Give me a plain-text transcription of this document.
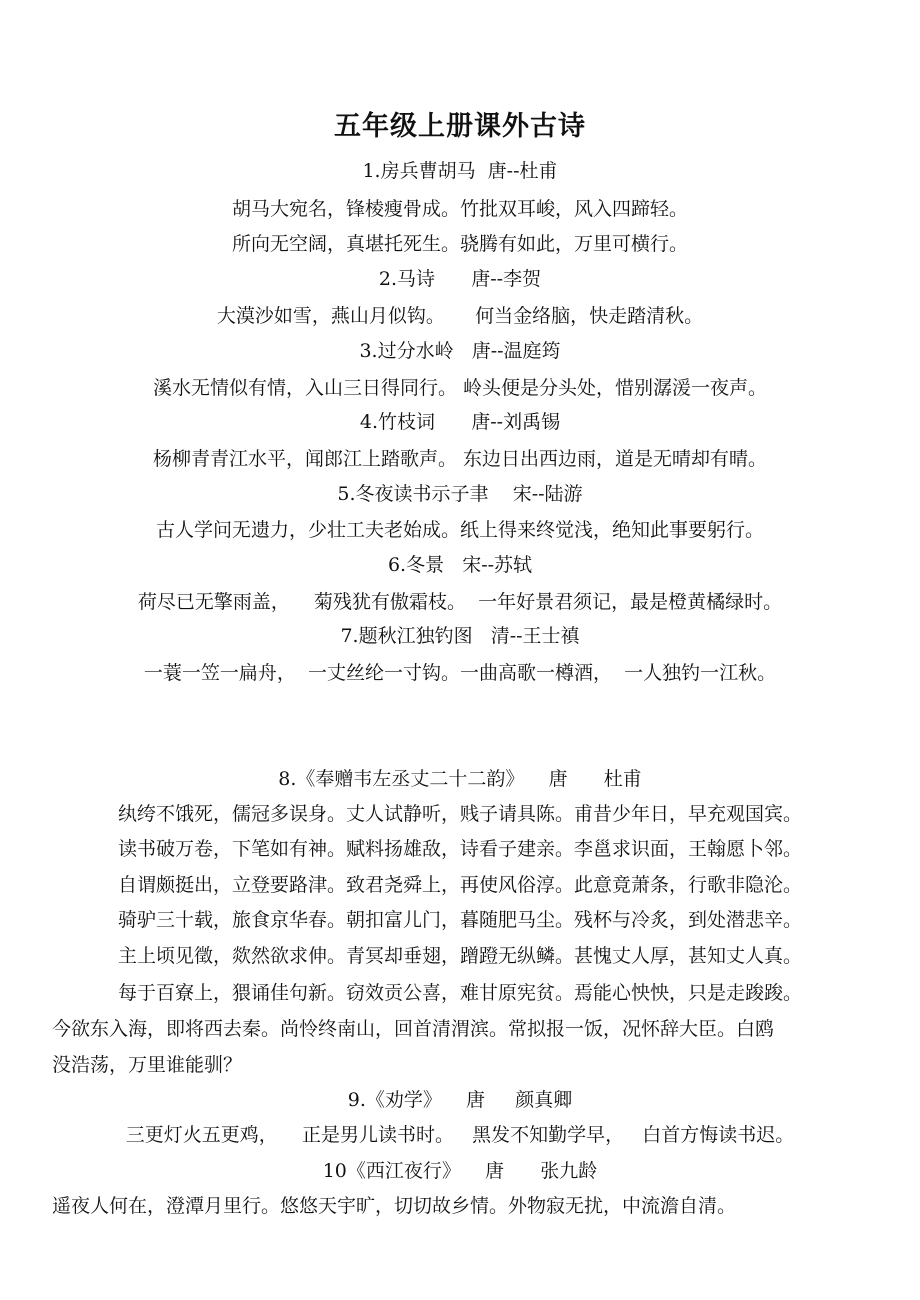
五年级上册课外古诗
1.房兵曹胡马  唐--杜甫
胡马大宛名，锋棱瘦骨成。竹批双耳峻，风入四蹄轻。
所向无空阔，真堪托死生。骁腾有如此，万里可横行。
2.马诗      唐--李贺
大漠沙如雪，燕山月似钩。     何当金络脑，快走踏清秋。
3.过分水岭   唐--温庭筠
溪水无情似有情，入山三日得同行。 岭头便是分头处，惜别潺湲一夜声。
4.竹枝词      唐--刘禹锡
杨柳青青江水平，闻郎江上踏歌声。 东边日出西边雨，道是无晴却有晴。
5.冬夜读书示子聿    宋--陆游
古人学问无遗力，少壮工夫老始成。纸上得来终觉浅，绝知此事要躬行。
6.冬景   宋--苏轼
荷尽已无擎雨盖，    菊残犹有傲霜枝。  一年好景君须记，最是橙黄橘绿时。
7.题秋江独钓图   清--王士禛
一蓑一笠一扁舟，  一丈丝纶一寸钩。一曲高歌一樽酒，  一人独钓一江秋。
8.《奉赠韦左丞丈二十二韵》    唐      杜甫
纨绔不饿死，儒冠多误身。丈人试静听，贱子请具陈。甫昔少年日，早充观国宾。
读书破万卷，下笔如有神。赋料扬雄敌，诗看子建亲。李邕求识面，王翰愿卜邻。
自谓颇挺出，立登要路津。致君尧舜上，再使风俗淳。此意竟萧条，行歌非隐沦。
骑驴三十载，旅食京华春。朝扣富儿门，暮随肥马尘。残杯与冷炙，到处潜悲辛。
主上顷见徵，欻然欲求伸。青冥却垂翅，蹭蹬无纵鳞。甚愧丈人厚，甚知丈人真。
每于百寮上，猥诵佳句新。窃效贡公喜，难甘原宪贫。焉能心怏怏，只是走踆踆。
今欲东入海，即将西去秦。尚怜终南山，回首清渭滨。常拟报一饭，况怀辞大臣。白鸥
没浩荡，万里谁能驯？
9.《劝学》    唐     颜真卿
三更灯火五更鸡，    正是男儿读书时。   黑发不知勤学早，   白首方悔读书迟。
10《西江夜行》    唐      张九龄
遥夜人何在，澄潭月里行。悠悠天宇旷，切切故乡情。外物寂无扰，中流澹自清。
